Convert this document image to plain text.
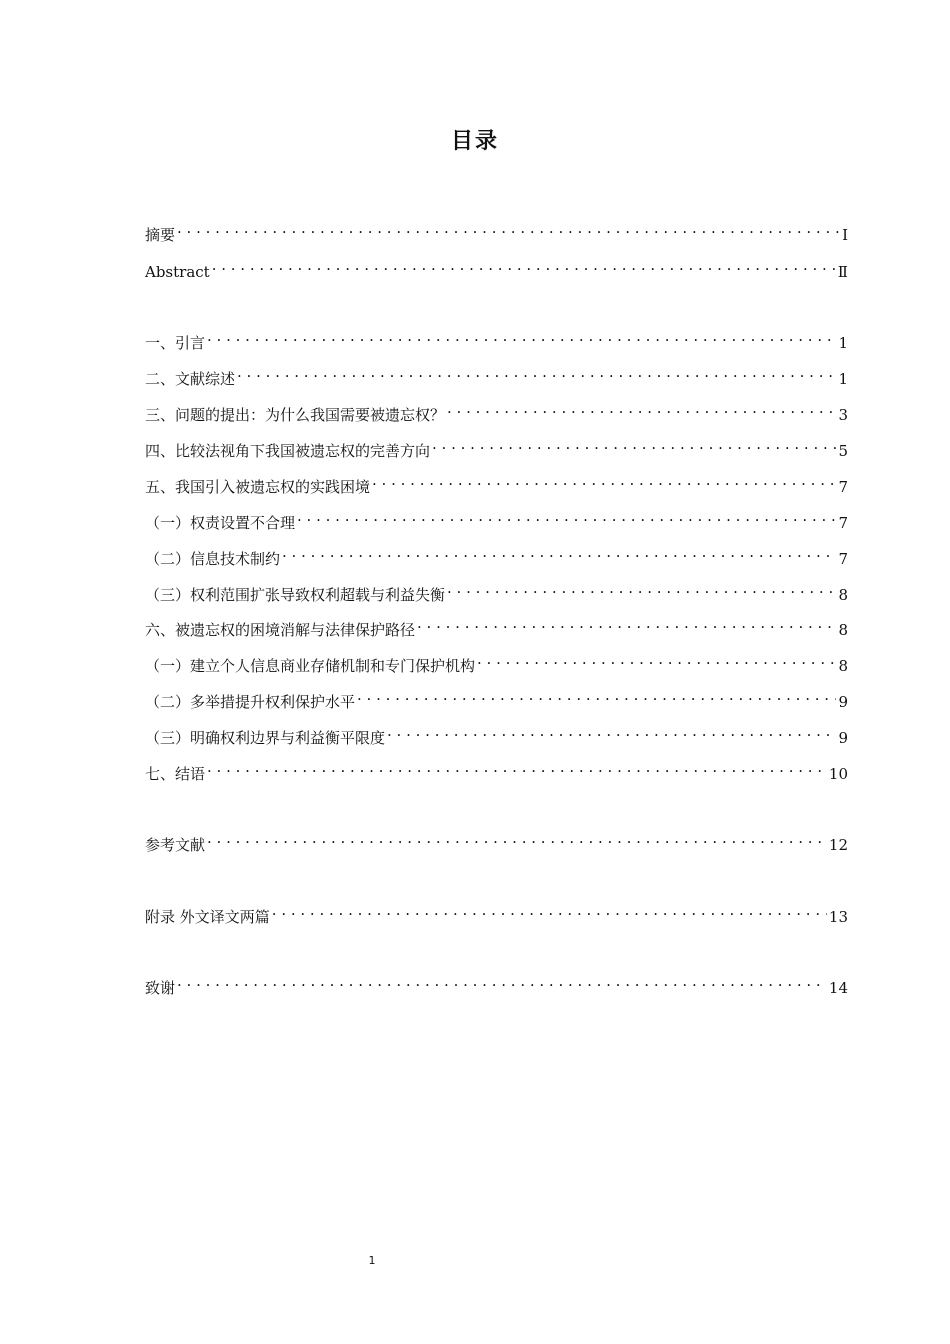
目录
摘要 . . .	Ⅰ
Abstract . . .	Ⅱ
一、引言 . . .	1
二、文献综述 . . .	1
三、问题的提出：为什么我国需要被遗忘权？ . . .	3
四、比较法视角下我国被遗忘权的完善方向 . . .	5
五、我国引入被遗忘权的实践困境 . . .	7
（一）权责设置不合理 . . .	7
（二）信息技术制约 . . .	7
（三）权利范围扩张导致权利超载与利益失衡 . . .	8
六、被遗忘权的困境消解与法律保护路径 . . .	8
（一）建立个人信息商业存储机制和专门保护机构 . . .	8
（二）多举措提升权利保护水平 . . .	9
（三）明确权利边界与利益衡平限度 . . .	9
七、结语 . . .	10
参考文献 . . .	12
附录 外文译文两篇 . . .	13
致谢 . . .	14
1
